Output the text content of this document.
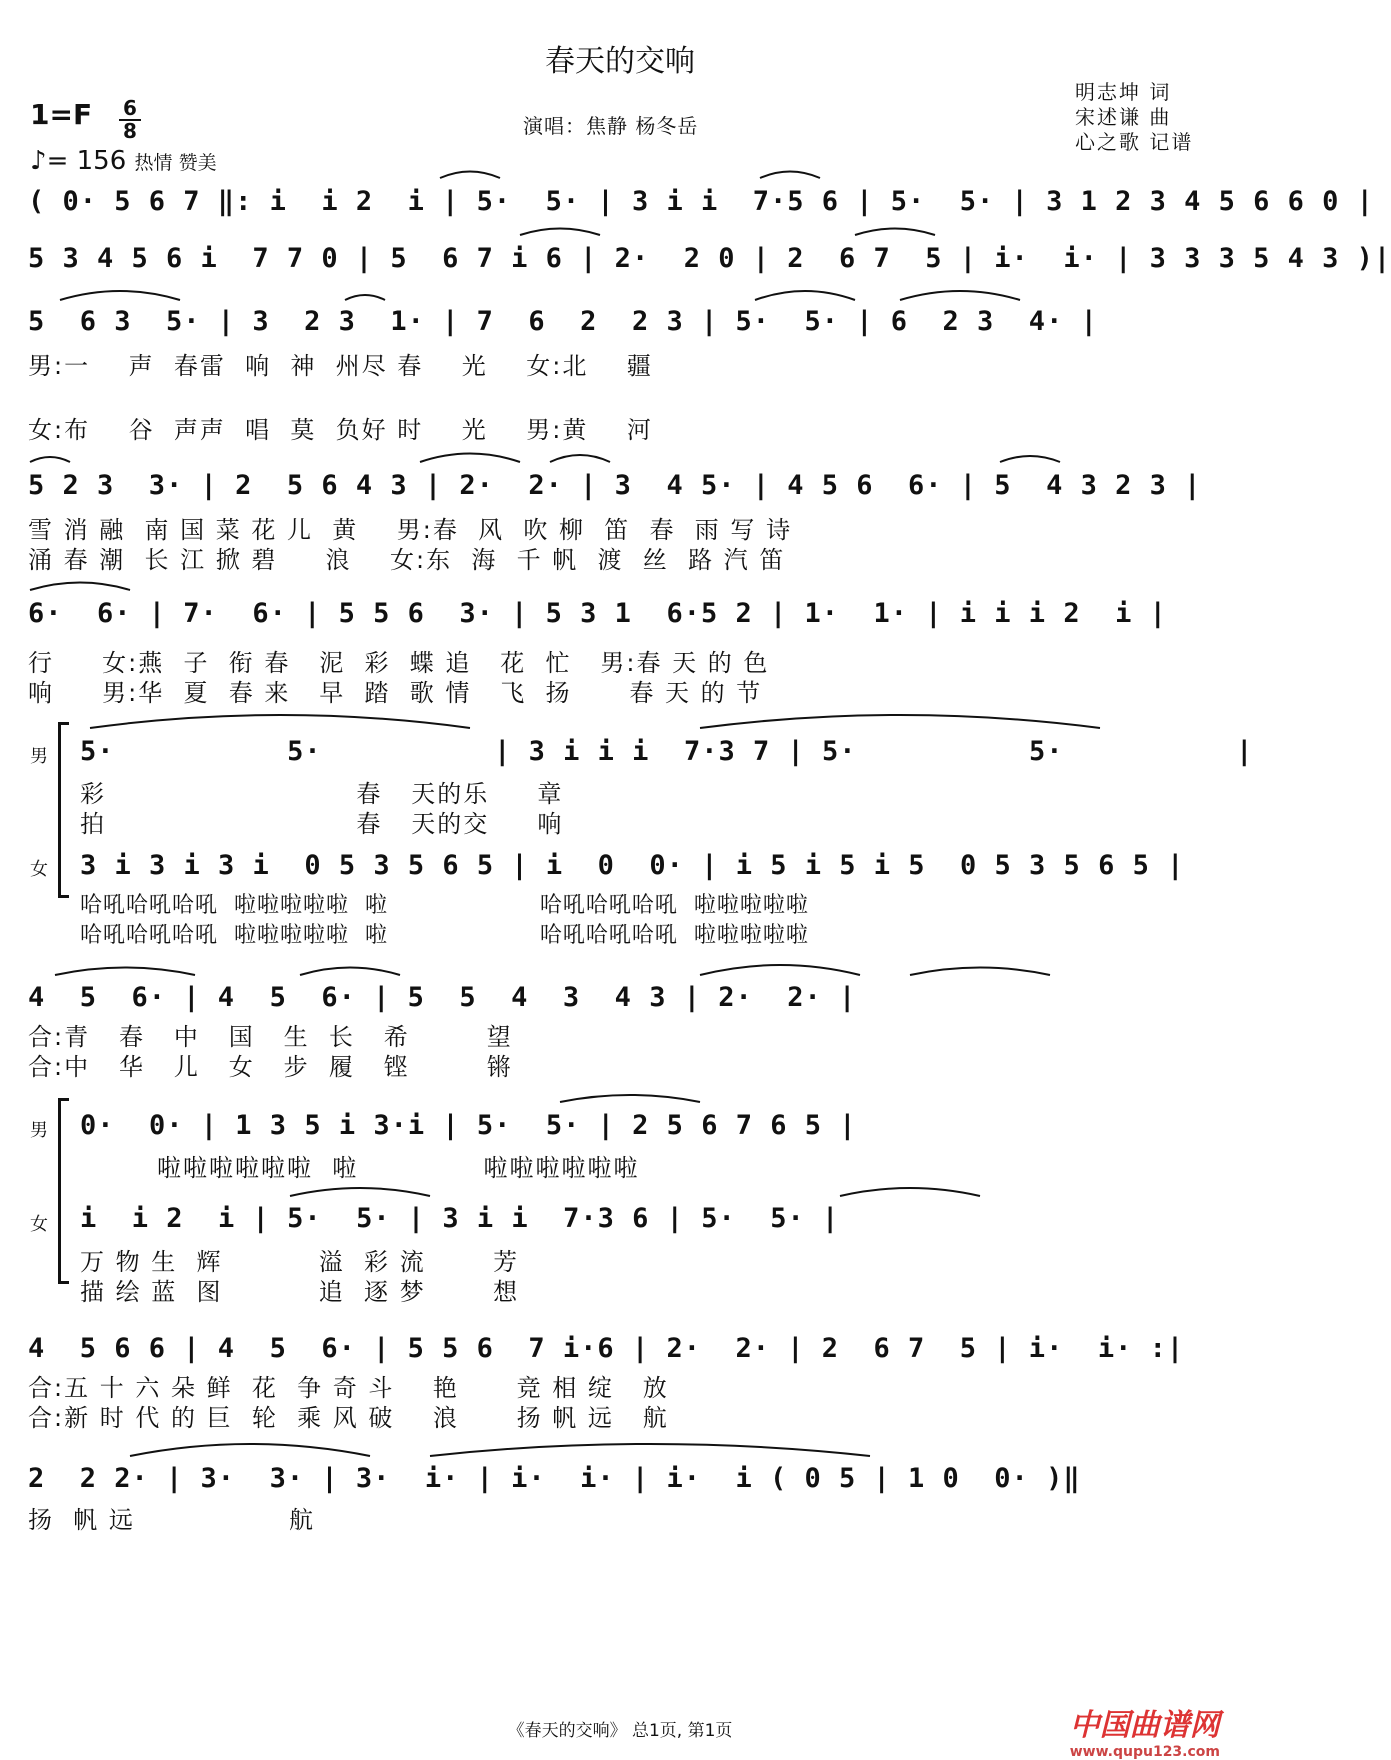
春天的交响
1=F	6
8
♪= 156 热情 赞美
演唱：焦静 杨冬岳
明志坤 词
宋述谦 曲
心之歌 记谱
( 0· 5 6 7 ‖: i  i 2  i | 5·  5· | 3 i i  7·5 6 | 5·  5· | 3 1 2 3 4 5 6 6 0 |
5 3 4 5 6 i  7 7 0 | 5  6 7 i 6 | 2·  2 0 | 2  6 7  5 | i·  i· | 3 3 3 5 4 3 )|
5  6 3  5· | 3  2 3  1· | 7  6  2  2 3 | 5·  5· | 6  2 3  4· |
男:一    声  春雷  响  神  州尽 春    光    女:北    疆
女:布    谷  声声  唱  莫  负好 时    光    男:黄    河
5 2 3  3· | 2  5 6 4 3 | 2·  2· | 3  4 5· | 4 5 6  6· | 5  4 3 2 3 |
雪 消 融  南 国 菜 花 儿  黄    男:春  风  吹 柳  笛  春  雨 写 诗
涌 春 潮  长 江 掀 碧     浪    女:东  海  千 帆  渡  丝  路 汽 笛
6·  6· | 7·  6· | 5 5 6  3· | 5 3 1  6·5 2 | 1·  1· | i i i 2  i |
行     女:燕  子  衔 春   泥  彩  蝶 追   花  忙   男:春 天 的 色
响     男:华  夏  春 来   早  踏  歌 情   飞  扬      春 天 的 节
男 5·          5·          | 3 i i i  7·3 7 | 5·          5·          |
彩                          春   天的乐     章
拍                          春   天的交     响
女 3 i 3 i 3 i  0 5 3 5 6 5 | i  0  0· | i 5 i 5 i 5  0 5 3 5 6 5 |
哈吼哈吼哈吼  啦啦啦啦啦  啦                   哈吼哈吼哈吼  啦啦啦啦啦
哈吼哈吼哈吼  啦啦啦啦啦  啦                   哈吼哈吼哈吼  啦啦啦啦啦
4  5  6· | 4  5  6· | 5  5  4  3  4 3 | 2·  2· |
合:青   春   中   国   生  长   希        望
合:中   华   儿   女   步  履   铿        锵
男 0·  0· | 1 3 5 i 3·i | 5·  5· | 2 5 6 7 6 5 |
啦啦啦啦啦啦  啦             啦啦啦啦啦啦
女 i  i 2  i | 5·  5· | 3 i i  7·3 6 | 5·  5· |
万 物 生  辉          溢  彩 流       芳
描 绘 蓝  图          追  逐 梦       想
4  5 6 6 | 4  5  6· | 5 5 6  7 i·6 | 2·  2· | 2  6 7  5 | i·  i· :|
合:五 十 六 朵 鲜  花  争 奇 斗    艳      竞 相 绽   放
合:新 时 代 的 巨  轮  乘 风 破    浪      扬 帆 远   航
2  2 2· | 3·  3· | 3·  i· | i·  i· | i·  i ( 0 5 | 1 0  0· )‖
扬  帆 远                航
《春天的交响》 总1页, 第1页	中国曲谱网
www.qupu123.com
